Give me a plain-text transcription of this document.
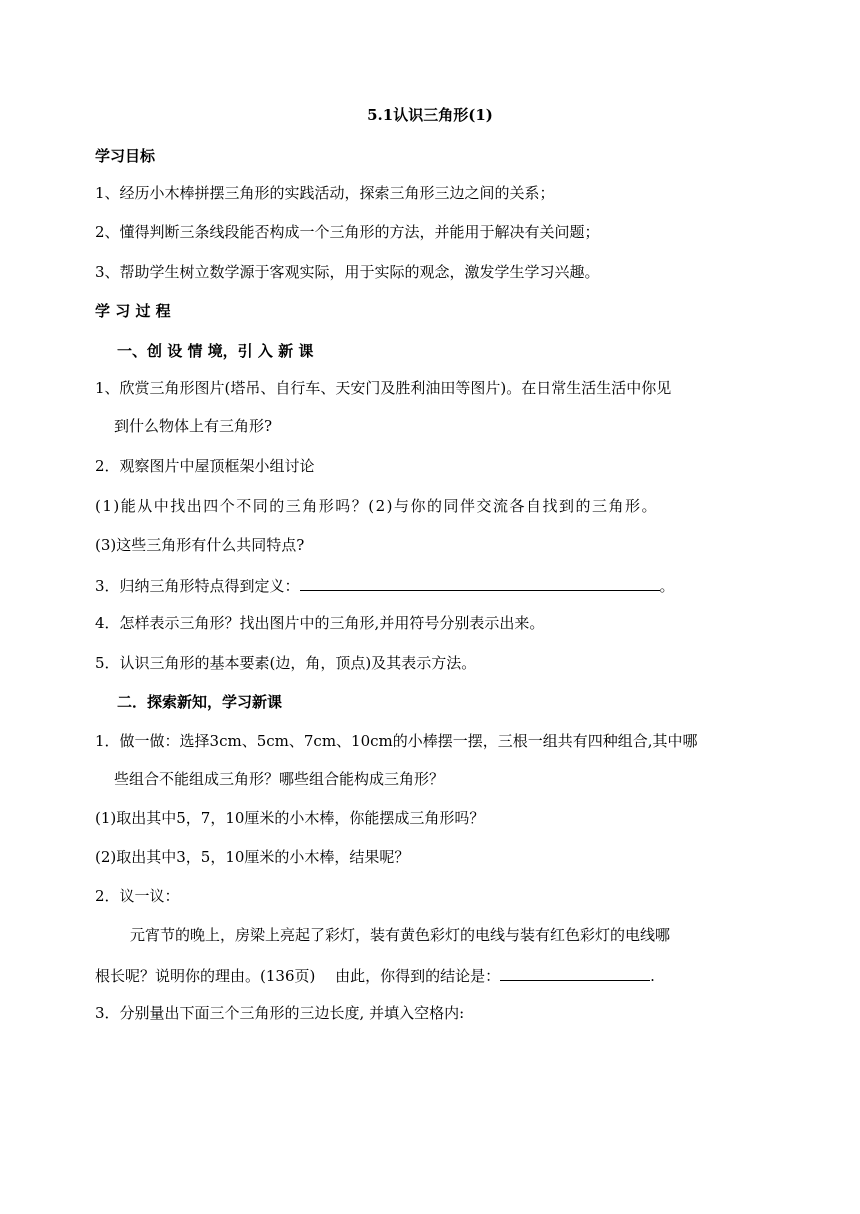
5.1认识三角形(1)
学习目标
1、经历小木棒拼摆三角形的实践活动，探索三角形三边之间的关系；
2、懂得判断三条线段能否构成一个三角形的方法，并能用于解决有关问题；
3、帮助学生树立数学源于客观实际，用于实际的观念，激发学生学习兴趣。
学 习 过 程
一、创 设 情 境，引 入 新 课
1、欣赏三角形图片(塔吊、自行车、天安门及胜利油田等图片)。在日常生活生活中你见
到什么物体上有三角形?
2．观察图片中屋顶框架小组讨论
(1)能从中找出四个不同的三角形吗？(2)与你的同伴交流各自找到的三角形。
(3)这些三角形有什么共同特点?
3．归纳三角形特点得到定义：	。
4．怎样表示三角形？找出图片中的三角形,并用符号分别表示出来。
5．认识三角形的基本要素(边，角，顶点)及其表示方法。
二．探索新知，学习新课
1．做一做：选择3cm、5cm、7cm、10cm的小棒摆一摆，三根一组共有四种组合,其中哪
些组合不能组成三角形？哪些组合能构成三角形？
(1)取出其中5，7，10厘米的小木棒，你能摆成三角形吗？
(2)取出其中3，5，10厘米的小木棒，结果呢？
2．议一议：
元宵节的晚上，房梁上亮起了彩灯，装有黄色彩灯的电线与装有红色彩灯的电线哪
根长呢？说明你的理由。(136页)　 由此，你得到的结论是：	.
3．分别量出下面三个三角形的三边长度, 并填入空格内:
